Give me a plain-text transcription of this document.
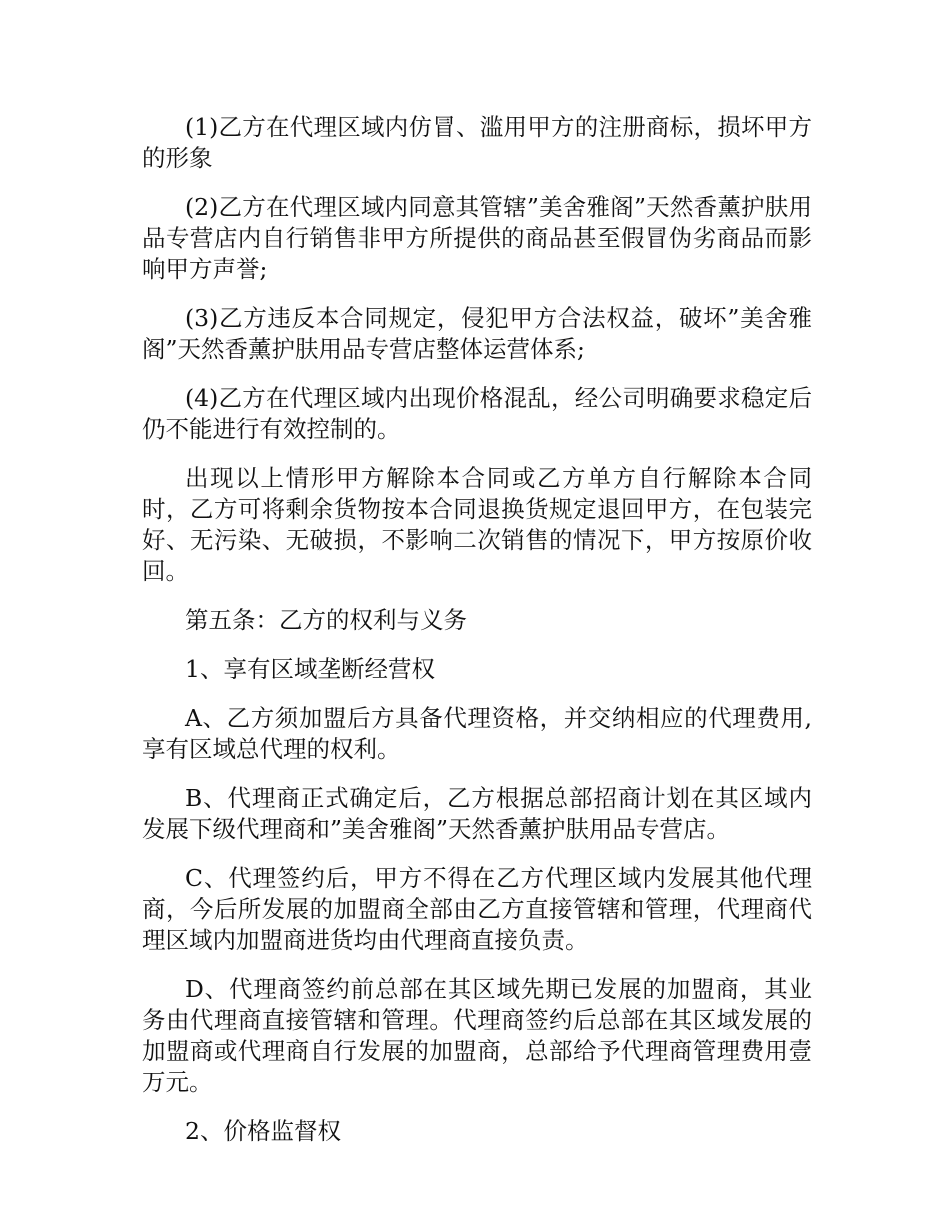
(1)乙方在代理区域内仿冒、滥用甲方的注册商标，损坏甲方的形象

(2)乙方在代理区域内同意其管辖”美舍雅阁”天然香薰护肤用品专营店内自行销售非甲方所提供的商品甚至假冒伪劣商品而影响甲方声誉;

(3)乙方违反本合同规定，侵犯甲方合法权益，破坏”美舍雅阁”天然香薰护肤用品专营店整体运营体系;

(4)乙方在代理区域内出现价格混乱，经公司明确要求稳定后仍不能进行有效控制的。

出现以上情形甲方解除本合同或乙方单方自行解除本合同时，乙方可将剩余货物按本合同退换货规定退回甲方，在包装完好、无污染、无破损，不影响二次销售的情况下，甲方按原价收回。

第五条：乙方的权利与义务

1、享有区域垄断经营权

A、乙方须加盟后方具备代理资格，并交纳相应的代理费用,享有区域总代理的权利。

B、代理商正式确定后，乙方根据总部招商计划在其区域内发展下级代理商和”美舍雅阁”天然香薰护肤用品专营店。

C、代理签约后，甲方不得在乙方代理区域内发展其他代理商，今后所发展的加盟商全部由乙方直接管辖和管理，代理商代理区域内加盟商进货均由代理商直接负责。

D、代理商签约前总部在其区域先期已发展的加盟商，其业务由代理商直接管辖和管理。代理商签约后总部在其区域发展的加盟商或代理商自行发展的加盟商，总部给予代理商管理费用壹万元。

2、价格监督权
